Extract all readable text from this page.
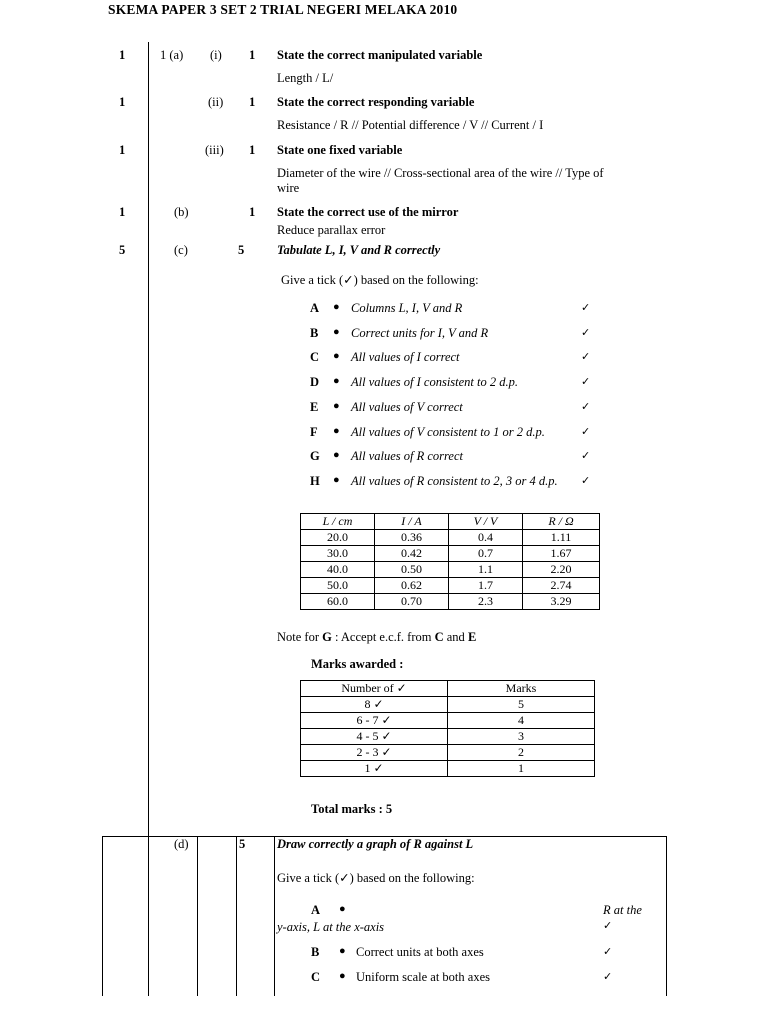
SKEMA PAPER 3 SET 2 TRIAL NEGERI MELAKA 2010
1	1 (a) (i) 1 State the correct manipulated variable
Length / L/
1	(ii) 1 State the correct responding variable
Resistance / R // Potential difference / V // Current / I
1	(iii) 1 State one fixed variable
Diameter of the wire // Cross-sectional area of the wire // Type of
wire
1	(b)	1 State the correct use of the mirror
Reduce parallax error
5	(c)	5	Tabulate L, I, V and R correctly
Give a tick (✓) based on the following:
A ● Columns L, I, V and R	✓
B ● Correct units for I, V and R	✓
C ● All values of I correct	✓
D ● All values of I consistent to 2 d.p.	✓
E ● All values of V correct	✓
F ● All values of V consistent to 1 or 2 d.p.	✓
G ● All values of R correct	✓
H ● All values of R consistent to 2, 3 or 4 d.p. ✓
L / cm	I / A	V / V	R / Ω
20.0	0.36	0.4	1.11
30.0	0.42	0.7	1.67
40.0	0.50	1.1	2.20
50.0	0.62	1.7	2.74
60.0	0.70	2.3	3.29
Note for G : Accept e.c.f. from C and E
Marks awarded :
Number of ✓	Marks
8 ✓	5
6 - 7 ✓	4
4 - 5 ✓	3
2 - 3 ✓	2
1 ✓	1
Total marks : 5
(d)	5	Draw correctly a graph of R against L
Give a tick (✓) based on the following:
A ●	R at the
y-axis, L at the x-axis	✓
B ● Correct units at both axes	✓
C ● Uniform scale at both axes	✓
